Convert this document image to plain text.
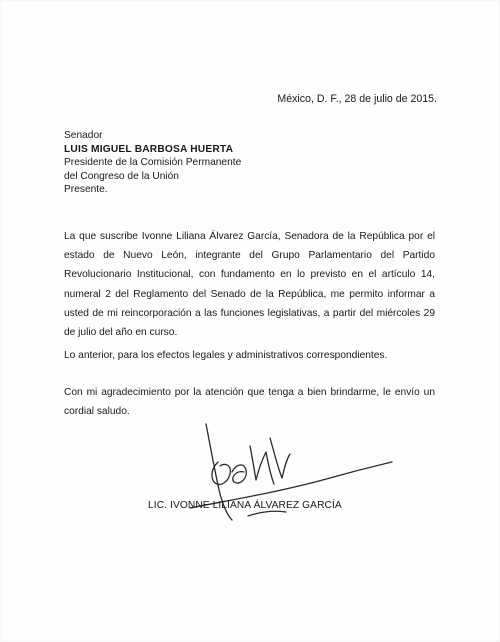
México, D. F., 28 de julio de 2015.
Senador
LUIS MIGUEL BARBOSA HUERTA
Presidente de la Comisión Permanente
del Congreso de la Unión
Presente.

La que suscribe Ivonne Liliana Álvarez García, Senadora de la República por el estado de Nuevo León, integrante del Grupo Parlamentario del Partido Revolucionario Institucional, con fundamento en lo previsto en el artículo 14, numeral 2 del Reglamento del Senado de la República, me permito informar a usted de mi reincorporación a las funciones legislativas, a partir del miércoles 29 de julio del año en curso.

Lo anterior, para los efectos legales y administrativos correspondientes.

Con mi agradecimiento por la atención que tenga a bien brindarme, le envío un cordial saludo.

LIC. IVONNE LILIANA ÁLVAREZ GARCÍA
